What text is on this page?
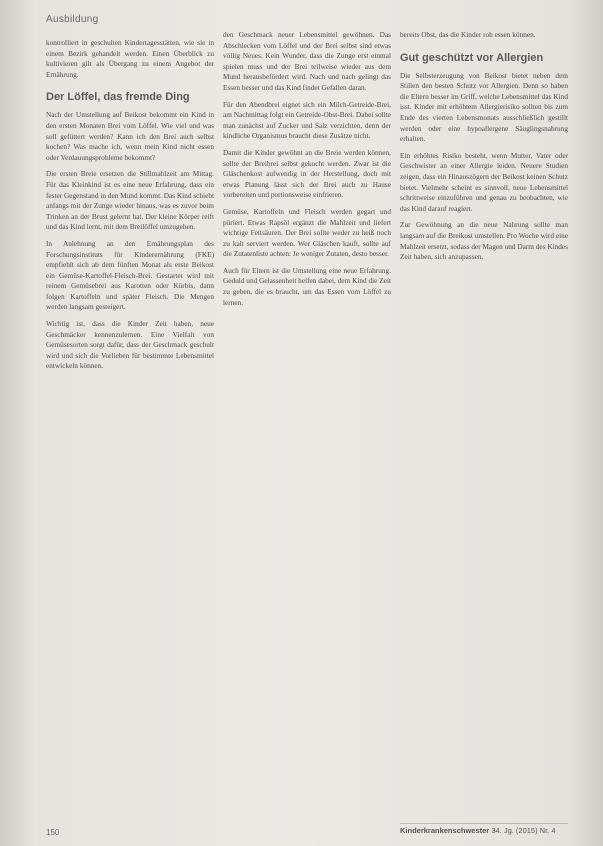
Ausbildung

kontrolliert in geschulten Kindertagesstätten, wie sie in einem Bezirk gehandelt werden. Einen Überblick zu kultivieren gilt als Übergang zu einem Angebot der Ernährung.

Der Löffel, das fremde Ding

Nach der Umstellung auf Beikost bekommt ein Kind in den ersten Monaten Brei vom Löffel. Wie viel und was soll gefüttert werden? Kann ich den Brei auch selbst kochen? Was mache ich, wenn mein Kind nicht essen oder Verdauungsprobleme bekommt?

Die ersten Breie ersetzen die Stillmahlzeit am Mittag. Für das Kleinkind ist es eine neue Erfahrung, dass ein fester Gegenstand in den Mund kommt. Das Kind schiebt anfangs mit der Zunge wieder hinaus, was es zuvor beim Trinken an der Brust gelernt hat. Der kleine Körper reift und das Kind lernt, mit dem Breilöffel umzugehen.

In Anlehnung an den Ernährungsplan des Forschungsinstituts für Kinderernährung (FKE) empfiehlt sich ab dem fünften Monat als erste Beikost ein Gemüse-Kartoffel-Fleisch-Brei. Gestartet wird mit reinem Gemüsebrei aus Karotten oder Kürbis, dann folgen Kartoffeln und später Fleisch. Die Mengen werden langsam gesteigert.

Wichtig ist, dass die Kinder Zeit haben, neue Geschmäcker kennenzulernen. Eine Vielfalt von Gemüsesorten sorgt dafür, dass der Geschmack geschult wird und sich die Vorlieben für bestimmte Lebensmittel entwickeln können.

den Geschmack neuer Lebensmittel gewöhnen. Das Abschlecken vom Löffel und der Brei selbst sind etwas völlig Neues. Kein Wunder, dass die Zunge erst einmal spielen muss und der Brei teilweise wieder aus dem Mund herausbefördert wird. Nach und nach gelingt das Essen besser und das Kind findet Gefallen daran.

Für den Abendbrei eignet sich ein Milch-Getreide-Brei, am Nachmittag folgt ein Getreide-Obst-Brei. Dabei sollte man zunächst auf Zucker und Salz verzichten, denn der kindliche Organismus braucht diese Zusätze nicht.

Damit die Kinder gewöhnt an die Breie werden können, sollte der Breibrei selbst gekocht werden. Zwar ist die Gläschenkost aufwendig in der Herstellung, doch mit etwas Planung lässt sich der Brei auch zu Hause vorbereiten und portionsweise einfrieren.

Gemüse, Kartoffeln und Fleisch werden gegart und püriert. Etwas Rapsöl ergänzt die Mahlzeit und liefert wichtige Fettsäuren. Der Brei sollte weder zu heiß noch zu kalt serviert werden. Wer Gläschen kauft, sollte auf die Zutatenliste achten: Je weniger Zutaten, desto besser.

Auch für Eltern ist die Umstellung eine neue Erfahrung. Geduld und Gelassenheit helfen dabei, dem Kind die Zeit zu geben, die es braucht, um das Essen vom Löffel zu lernen.

bereits Obst, das die Kinder roh essen können.

Gut geschützt vor Allergien

Die Selbsterzeugung von Beikost bietet neben dem Stillen den besten Schutz vor Allergien. Denn so haben die Eltern besser im Griff, welche Lebensmittel das Kind isst. Kinder mit erhöhtem Allergierisiko sollten bis zum Ende des vierten Lebensmonats ausschließlich gestillt werden oder eine hypoallergene Säuglingsnahrung erhalten.

Ein erhöhtes Risiko besteht, wenn Mutter, Vater oder Geschwister an einer Allergie leiden. Neuere Studien zeigen, dass ein Hinauszögern der Beikost keinen Schutz bietet. Vielmehr scheint es sinnvoll, neue Lebensmittel schrittweise einzuführen und genau zu beobachten, wie das Kind darauf reagiert.

Zur Gewöhnung an die neue Nahrung sollte man langsam auf die Breikost umstellen. Pro Woche wird eine Mahlzeit ersetzt, sodass der Magen und Darm des Kindes Zeit haben, sich anzupassen.

150	Kinderkrankenschwester 34. Jg. (2015) Nr. 4
